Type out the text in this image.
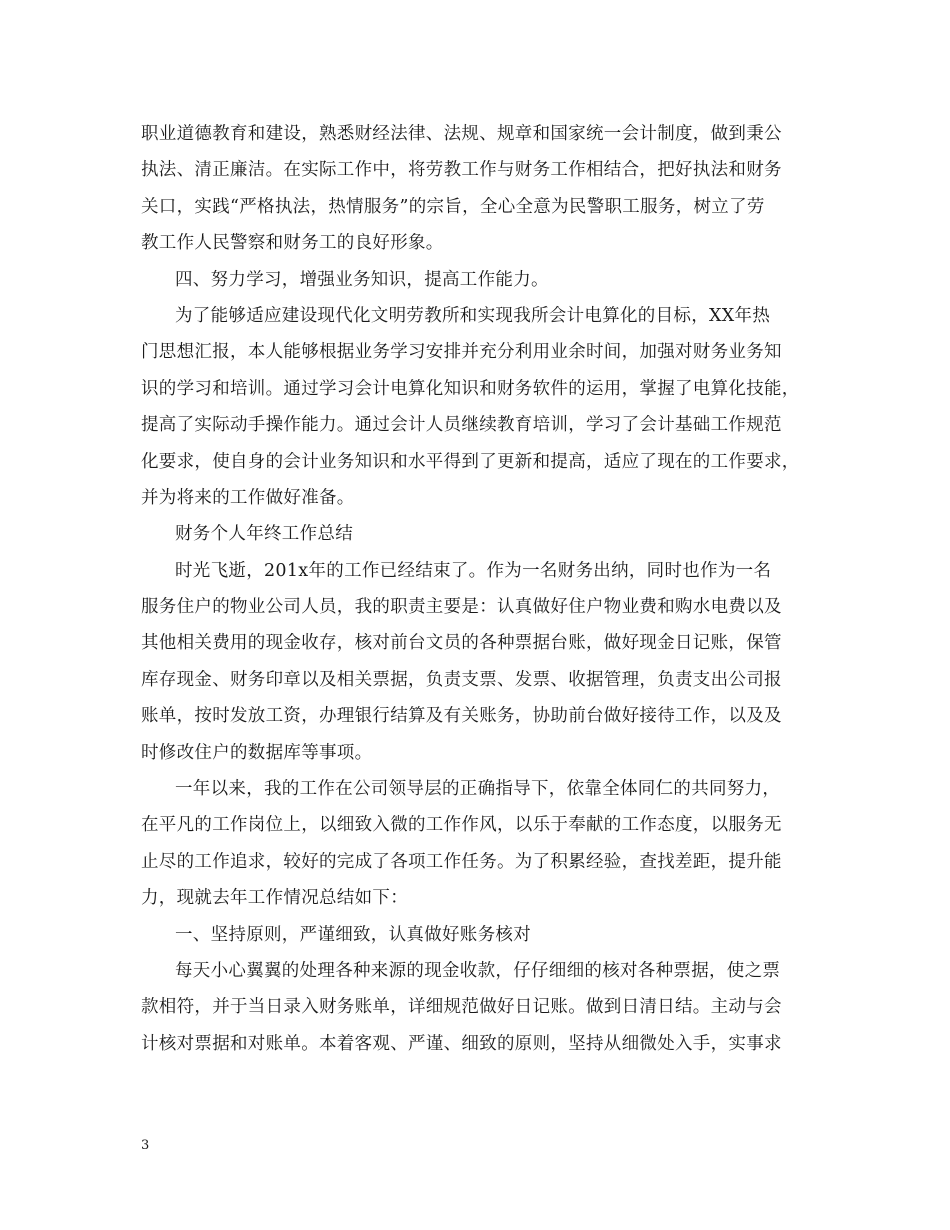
职业道德教育和建设，熟悉财经法律、法规、规章和国家统一会计制度，做到秉公
执法、清正廉洁。在实际工作中，将劳教工作与财务工作相结合，把好执法和财务
关口，实践“严格执法，热情服务”的宗旨，全心全意为民警职工服务，树立了劳
教工作人民警察和财务工的良好形象。
四、努力学习，增强业务知识，提高工作能力。
为了能够适应建设现代化文明劳教所和实现我所会计电算化的目标，XX年热
门思想汇报，本人能够根据业务学习安排并充分利用业余时间，加强对财务业务知
识的学习和培训。通过学习会计电算化知识和财务软件的运用，掌握了电算化技能，
提高了实际动手操作能力。通过会计人员继续教育培训，学习了会计基础工作规范
化要求，使自身的会计业务知识和水平得到了更新和提高，适应了现在的工作要求，
并为将来的工作做好准备。
财务个人年终工作总结
时光飞逝，201x年的工作已经结束了。作为一名财务出纳，同时也作为一名
服务住户的物业公司人员，我的职责主要是：认真做好住户物业费和购水电费以及
其他相关费用的现金收存，核对前台文员的各种票据台账，做好现金日记账，保管
库存现金、财务印章以及相关票据，负责支票、发票、收据管理，负责支出公司报
账单，按时发放工资，办理银行结算及有关账务，协助前台做好接待工作，以及及
时修改住户的数据库等事项。
一年以来，我的工作在公司领导层的正确指导下，依靠全体同仁的共同努力，
在平凡的工作岗位上，以细致入微的工作作风，以乐于奉献的工作态度，以服务无
止尽的工作追求，较好的完成了各项工作任务。为了积累经验，查找差距，提升能
力，现就去年工作情况总结如下：
一、坚持原则，严谨细致，认真做好账务核对
每天小心翼翼的处理各种来源的现金收款，仔仔细细的核对各种票据，使之票
款相符，并于当日录入财务账单，详细规范做好日记账。做到日清日结。主动与会
计核对票据和对账单。本着客观、严谨、细致的原则，坚持从细微处入手，实事求
3
